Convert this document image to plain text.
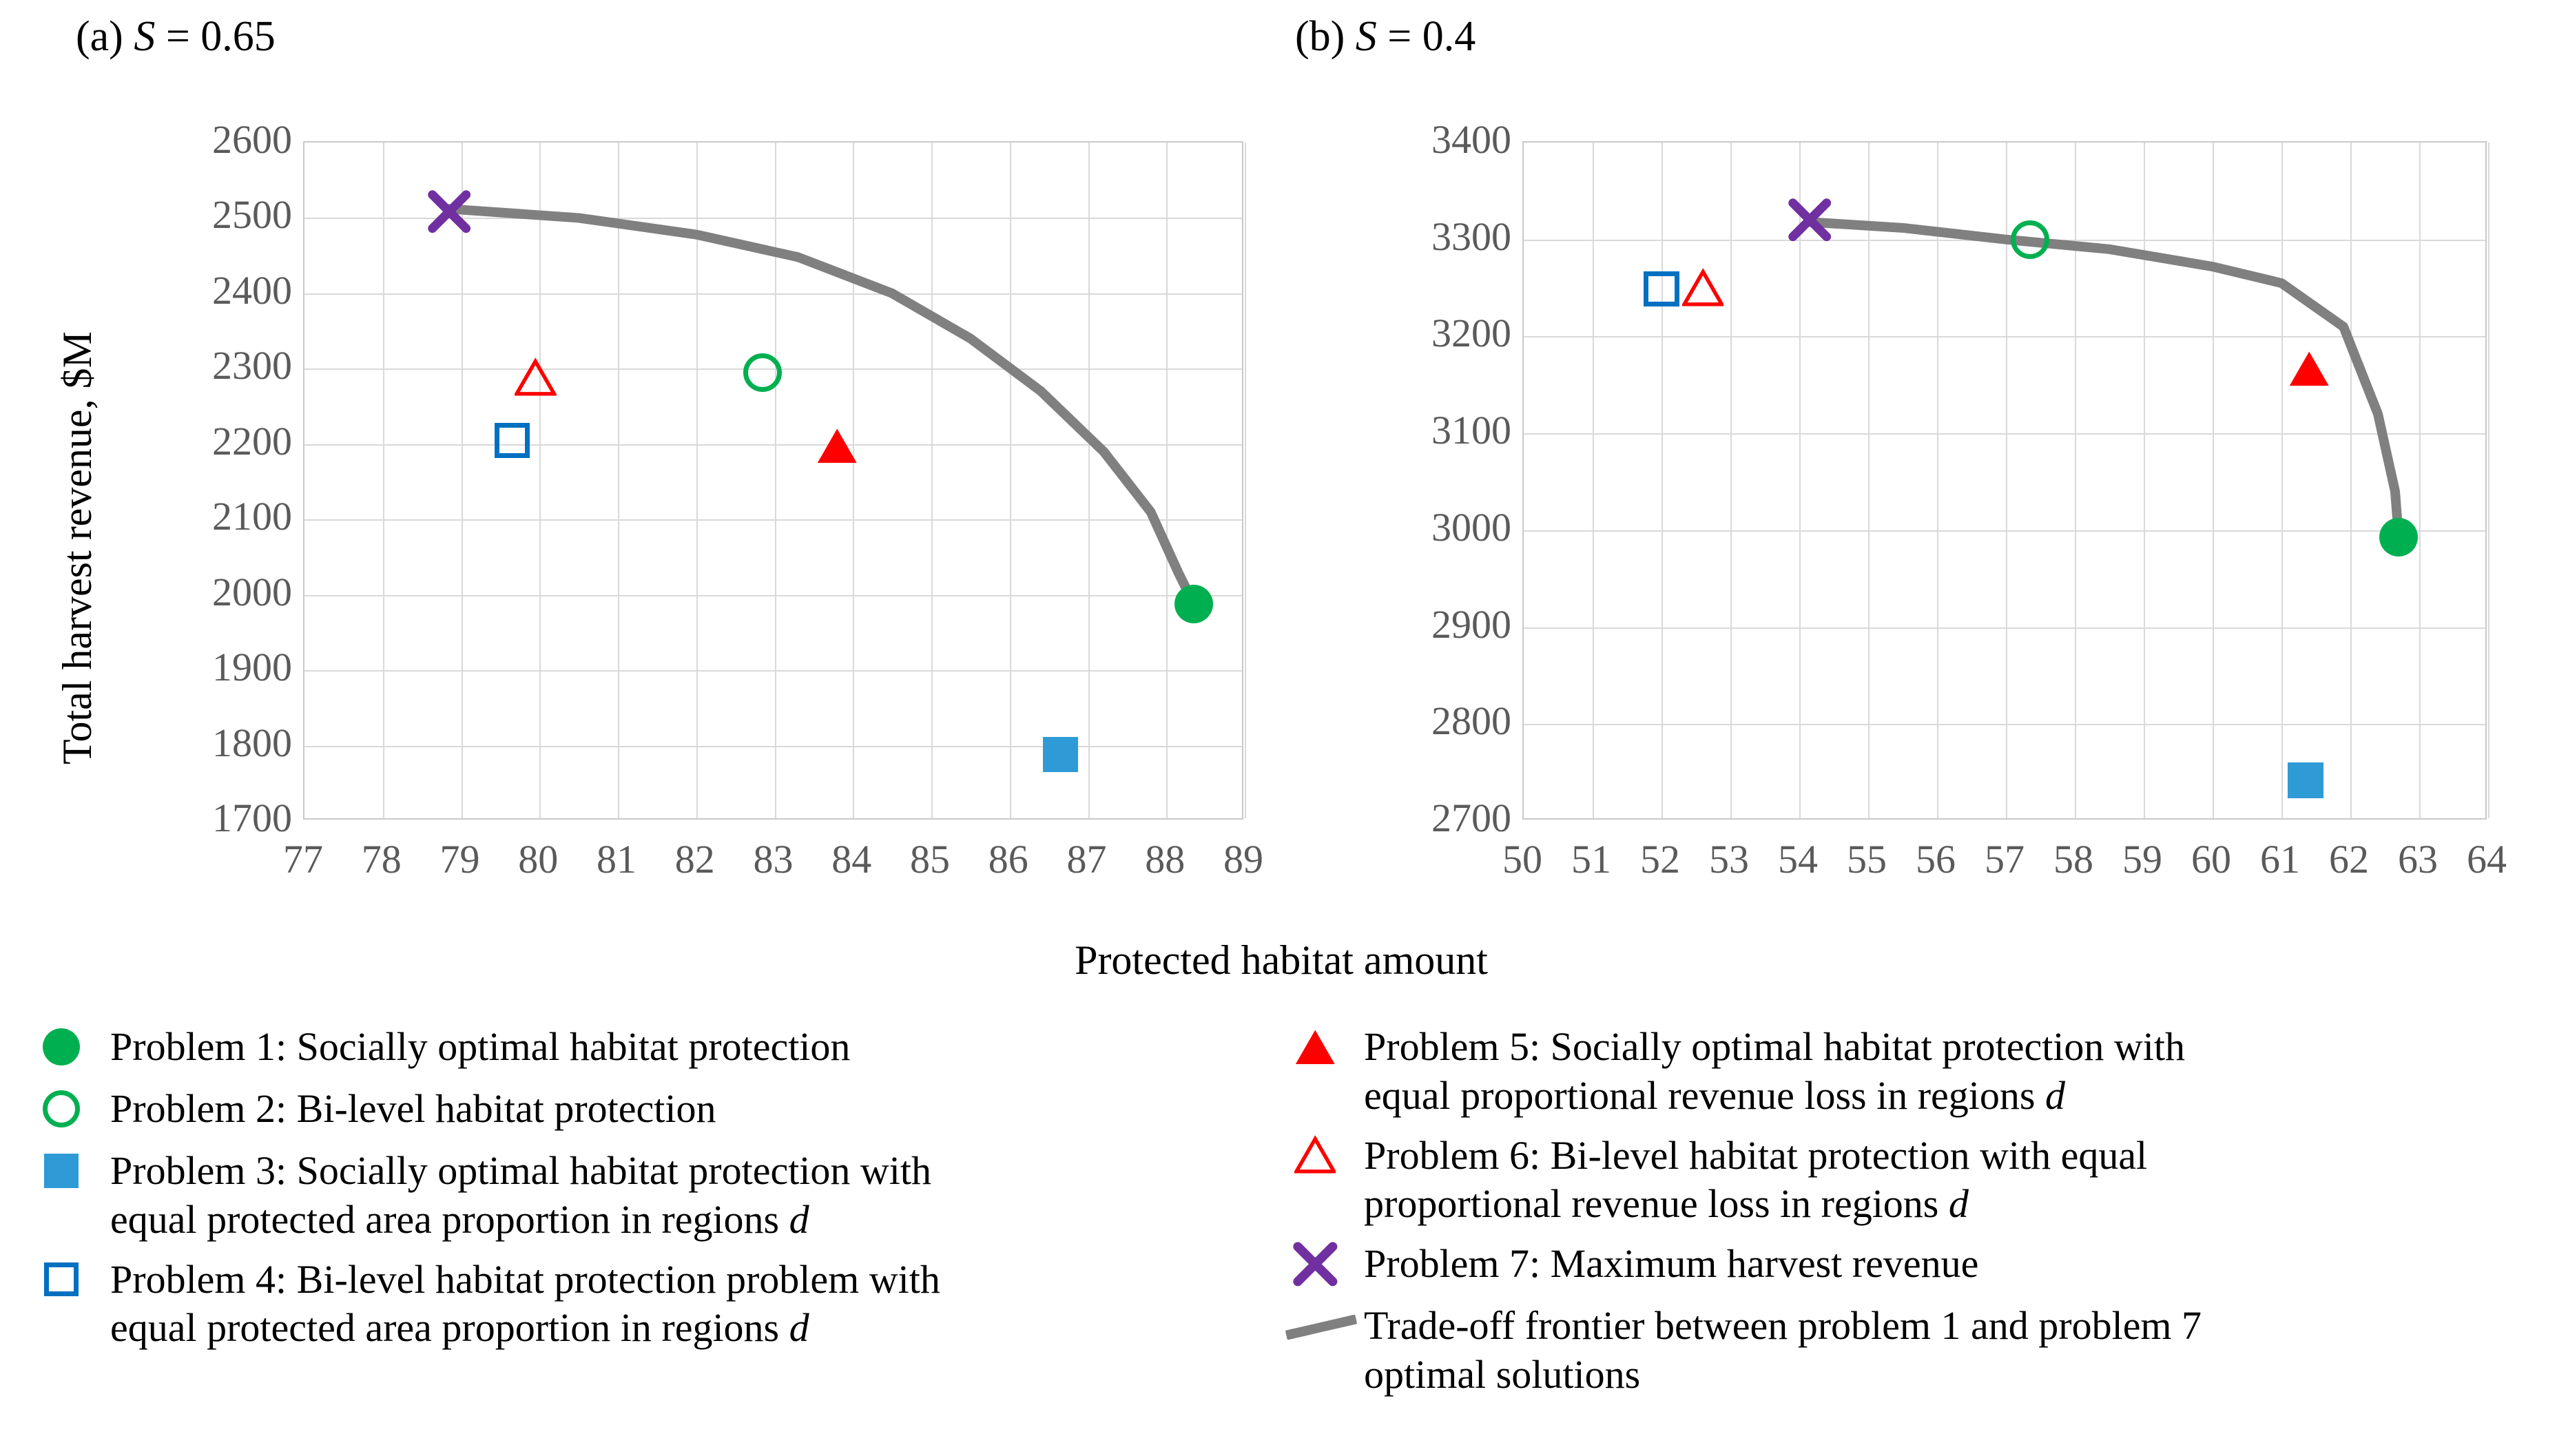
(a) S = 0.65	(b) S = 0.4
Total harvest revenue, $M
Protected habitat amount
Problem 1: Socially optimal habitat protection
Problem 2: Bi-level habitat protection
Problem 3: Socially optimal habitat protection with
equal protected area proportion in regions d
Problem 4: Bi-level habitat protection problem with
equal protected area proportion in regions d
Problem 5: Socially optimal habitat protection with
equal proportional revenue loss in regions d
Problem 6: Bi-level habitat protection with equal
proportional revenue loss in regions d
Problem 7: Maximum harvest revenue
Trade-off frontier between problem 1 and problem 7
optimal solutions
1700
1800
1900
2000
2100
2200
2300
2400
2500
2600
77 78 79 80 81 82 83 84 85 86 87 88 89
2700
2800
2900
3000
3100
3200
3300
3400
50 51 52 53 54 55 56 57 58 59 60 61 62 63 64
